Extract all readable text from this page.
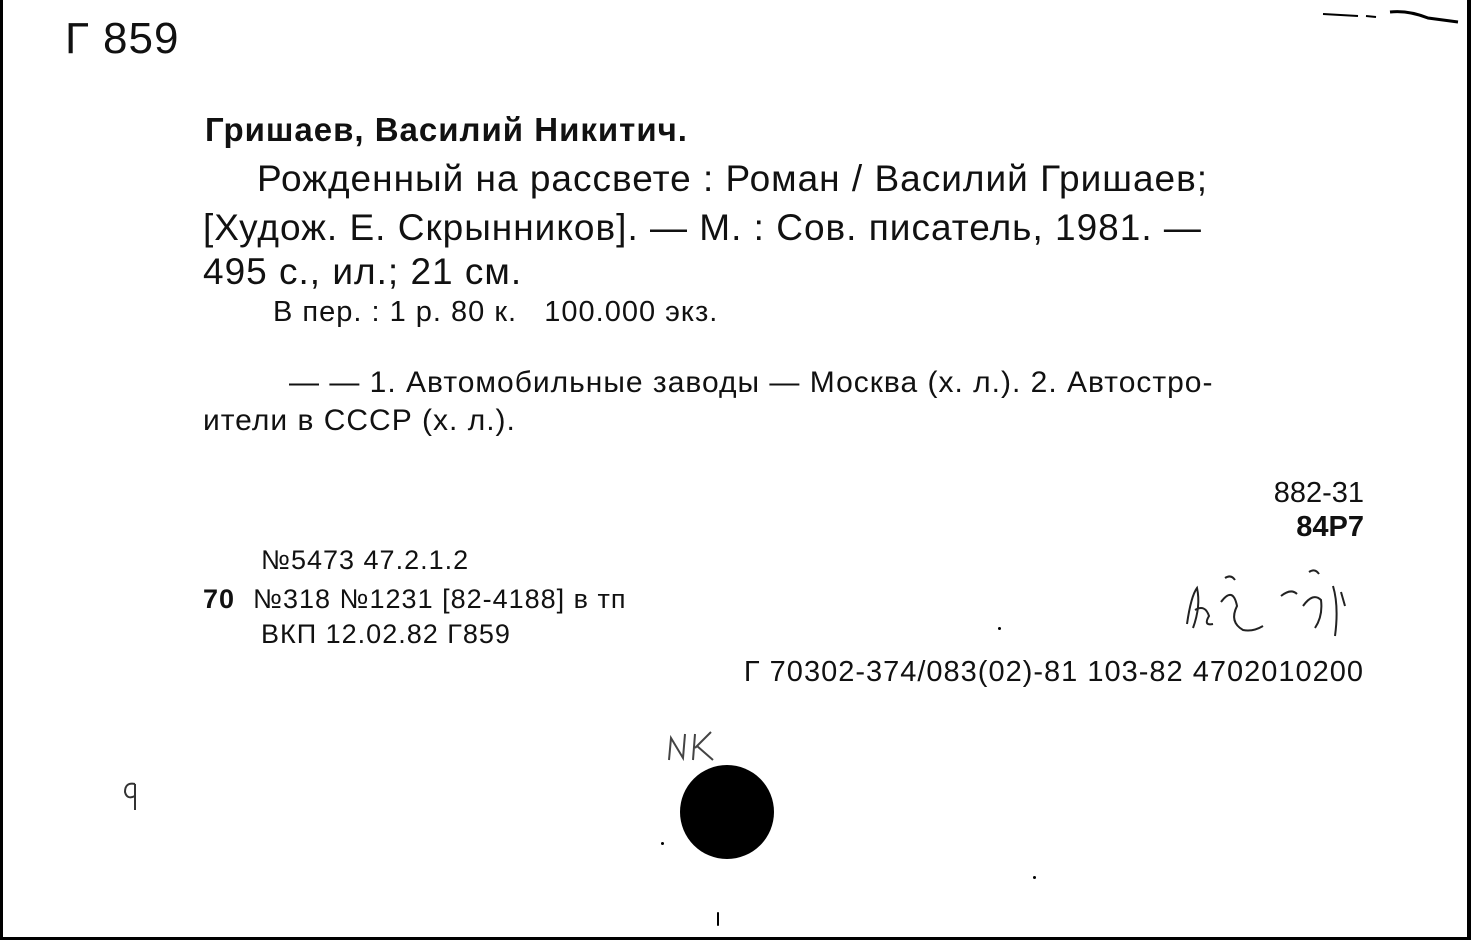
Г 859
Гришаев, Василий Никитич.
Рожденный на рассвете : Роман / Василий Гришаев;
[Худож. Е. Скрынников]. — М. : Сов. писатель, 1981. —
495 с., ил.; 21 см.
В пер. : 1 р. 80 к.   100.000 экз.
— — 1. Автомобильные заводы — Москва (х. л.). 2. Автостро-
ители в СССР (х. л.).
882-31
84Р7
№5473 47.2.1.2
70 №318 №1231 [82-4188] в тп
ВКП 12.02.82 Г859
Г 70302-374/083(02)-81 103-82 4702010200
